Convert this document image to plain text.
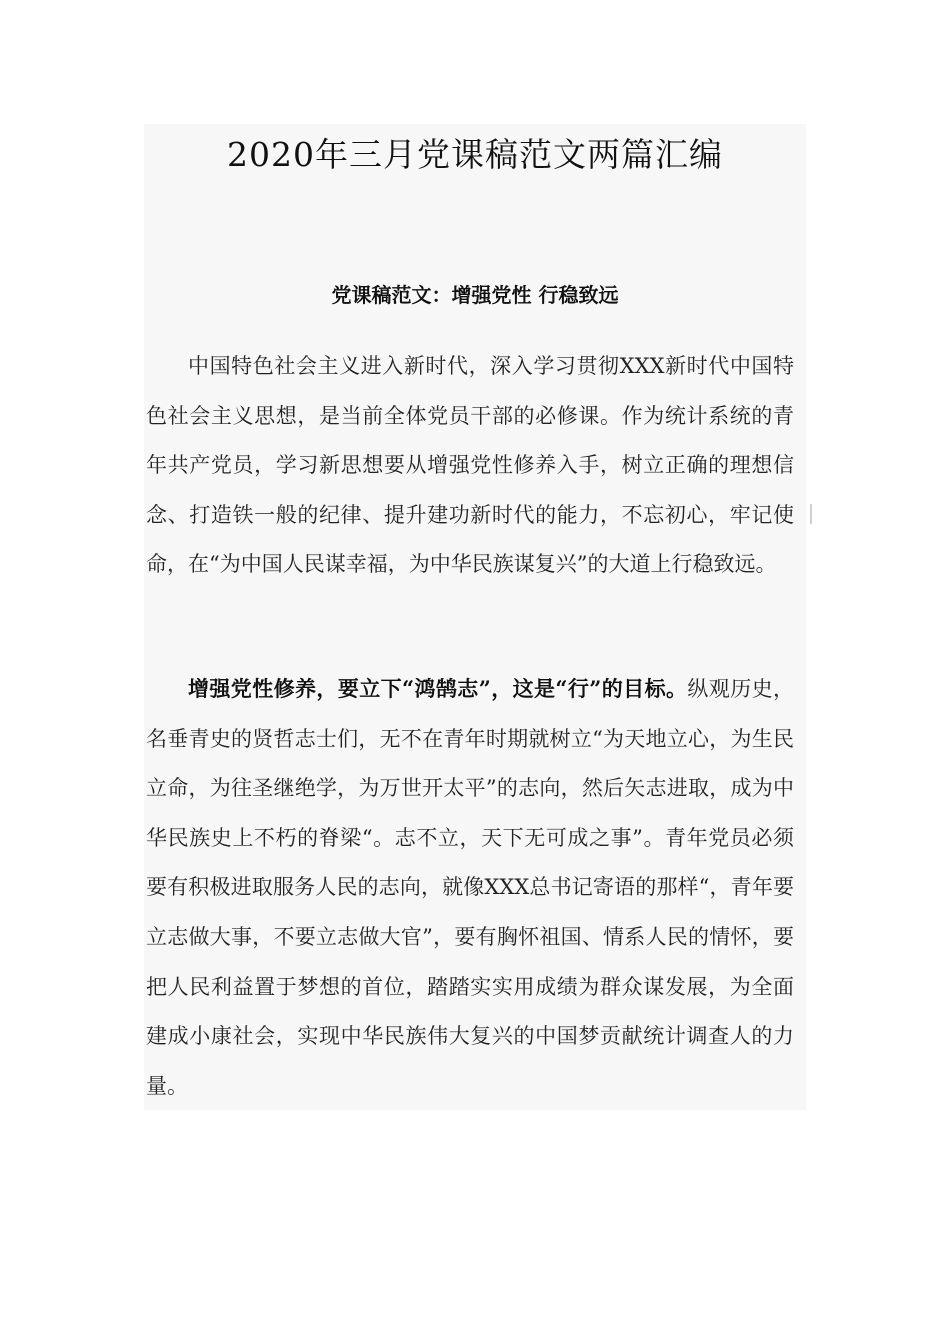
2020年三月党课稿范文两篇汇编
党课稿范文：增强党性 行稳致远

中国特色社会主义进入新时代，深入学习贯彻XXX新时代中国特色社会主义思想，是当前全体党员干部的必修课。作为统计系统的青年共产党员，学习新思想要从增强党性修养入手，树立正确的理想信念、打造铁一般的纪律、提升建功新时代的能力，不忘初心，牢记使命，在“为中国人民谋幸福，为中华民族谋复兴”的大道上行稳致远。

增强党性修养，要立下“鸿鹄志”，这是“行”的目标。纵观历史，名垂青史的贤哲志士们，无不在青年时期就树立“为天地立心，为生民立命，为往圣继绝学，为万世开太平”的志向，然后矢志进取，成为中华民族史上不朽的脊梁“。志不立，天下无可成之事”。青年党员必须要有积极进取服务人民的志向，就像XXX总书记寄语的那样“，青年要立志做大事，不要立志做大官”，要有胸怀祖国、情系人民的情怀，要把人民利益置于梦想的首位，踏踏实实用成绩为群众谋发展，为全面建成小康社会，实现中华民族伟大复兴的中国梦贡献统计调查人的力量。
